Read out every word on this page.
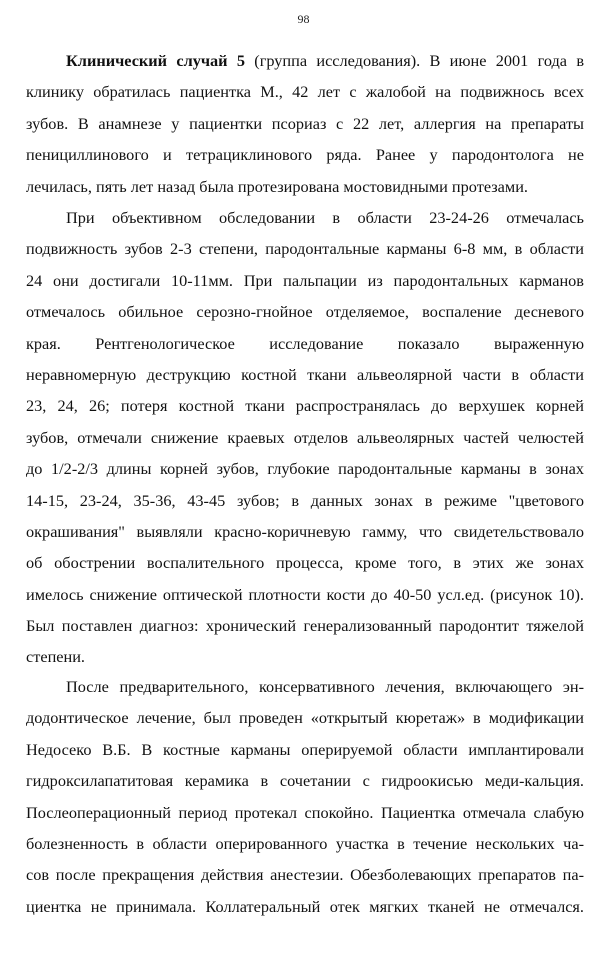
98
Клинический случай 5 (группа исследования). В июне 2001 года в
клинику обратилась пациентка М., 42 лет с жалобой на подвижнось всех
зубов. В анамнезе у пациентки псориаз с 22 лет, аллергия на препараты
пенициллинового и тетрациклинового ряда. Ранее у пародонтолога не
лечилась, пять лет назад была протезирована мостовидными протезами.
При объективном обследовании в области 23-24-26 отмечалась
подвижность зубов 2-3 степени, пародонтальные карманы 6-8 мм, в области
24 они достигали 10-11мм. При пальпации из пародонтальных карманов
отмечалось обильное серозно-гнойное отделяемое, воспаление десневого
края. Рентгенологическое исследование показало выраженную
неравномерную деструкцию костной ткани альвеолярной части в области
23, 24, 26; потеря костной ткани распространялась до верхушек корней
зубов, отмечали снижение краевых отделов альвеолярных частей челюстей
до 1/2-2/3 длины корней зубов, глубокие пародонтальные карманы в зонах
14-15, 23-24, 35-36, 43-45 зубов; в данных зонах в режиме "цветового
окрашивания" выявляли красно-коричневую гамму, что свидетельствовало
об обострении воспалительного процесса, кроме того, в этих же зонах
имелось снижение оптической плотности кости до 40-50 усл.ед. (рисунок 10).
Был поставлен диагноз: хронический генерализованный пародонтит тяжелой
степени.
После предварительного, консервативного лечения, включающего эн-
додонтическое лечение, был проведен «открытый кюретаж» в модификации
Недосеко В.Б. В костные карманы оперируемой области имплантировали
гидроксилапатитовая керамика в сочетании с гидроокисью меди-кальция.
Послеоперационный период протекал спокойно. Пациентка отмечала слабую
болезненность в области оперированного участка в течение нескольких ча-
сов после прекращения действия анестезии. Обезболевающих препаратов па-
циентка не принимала. Коллатеральный отек мягких тканей не отмечался.
